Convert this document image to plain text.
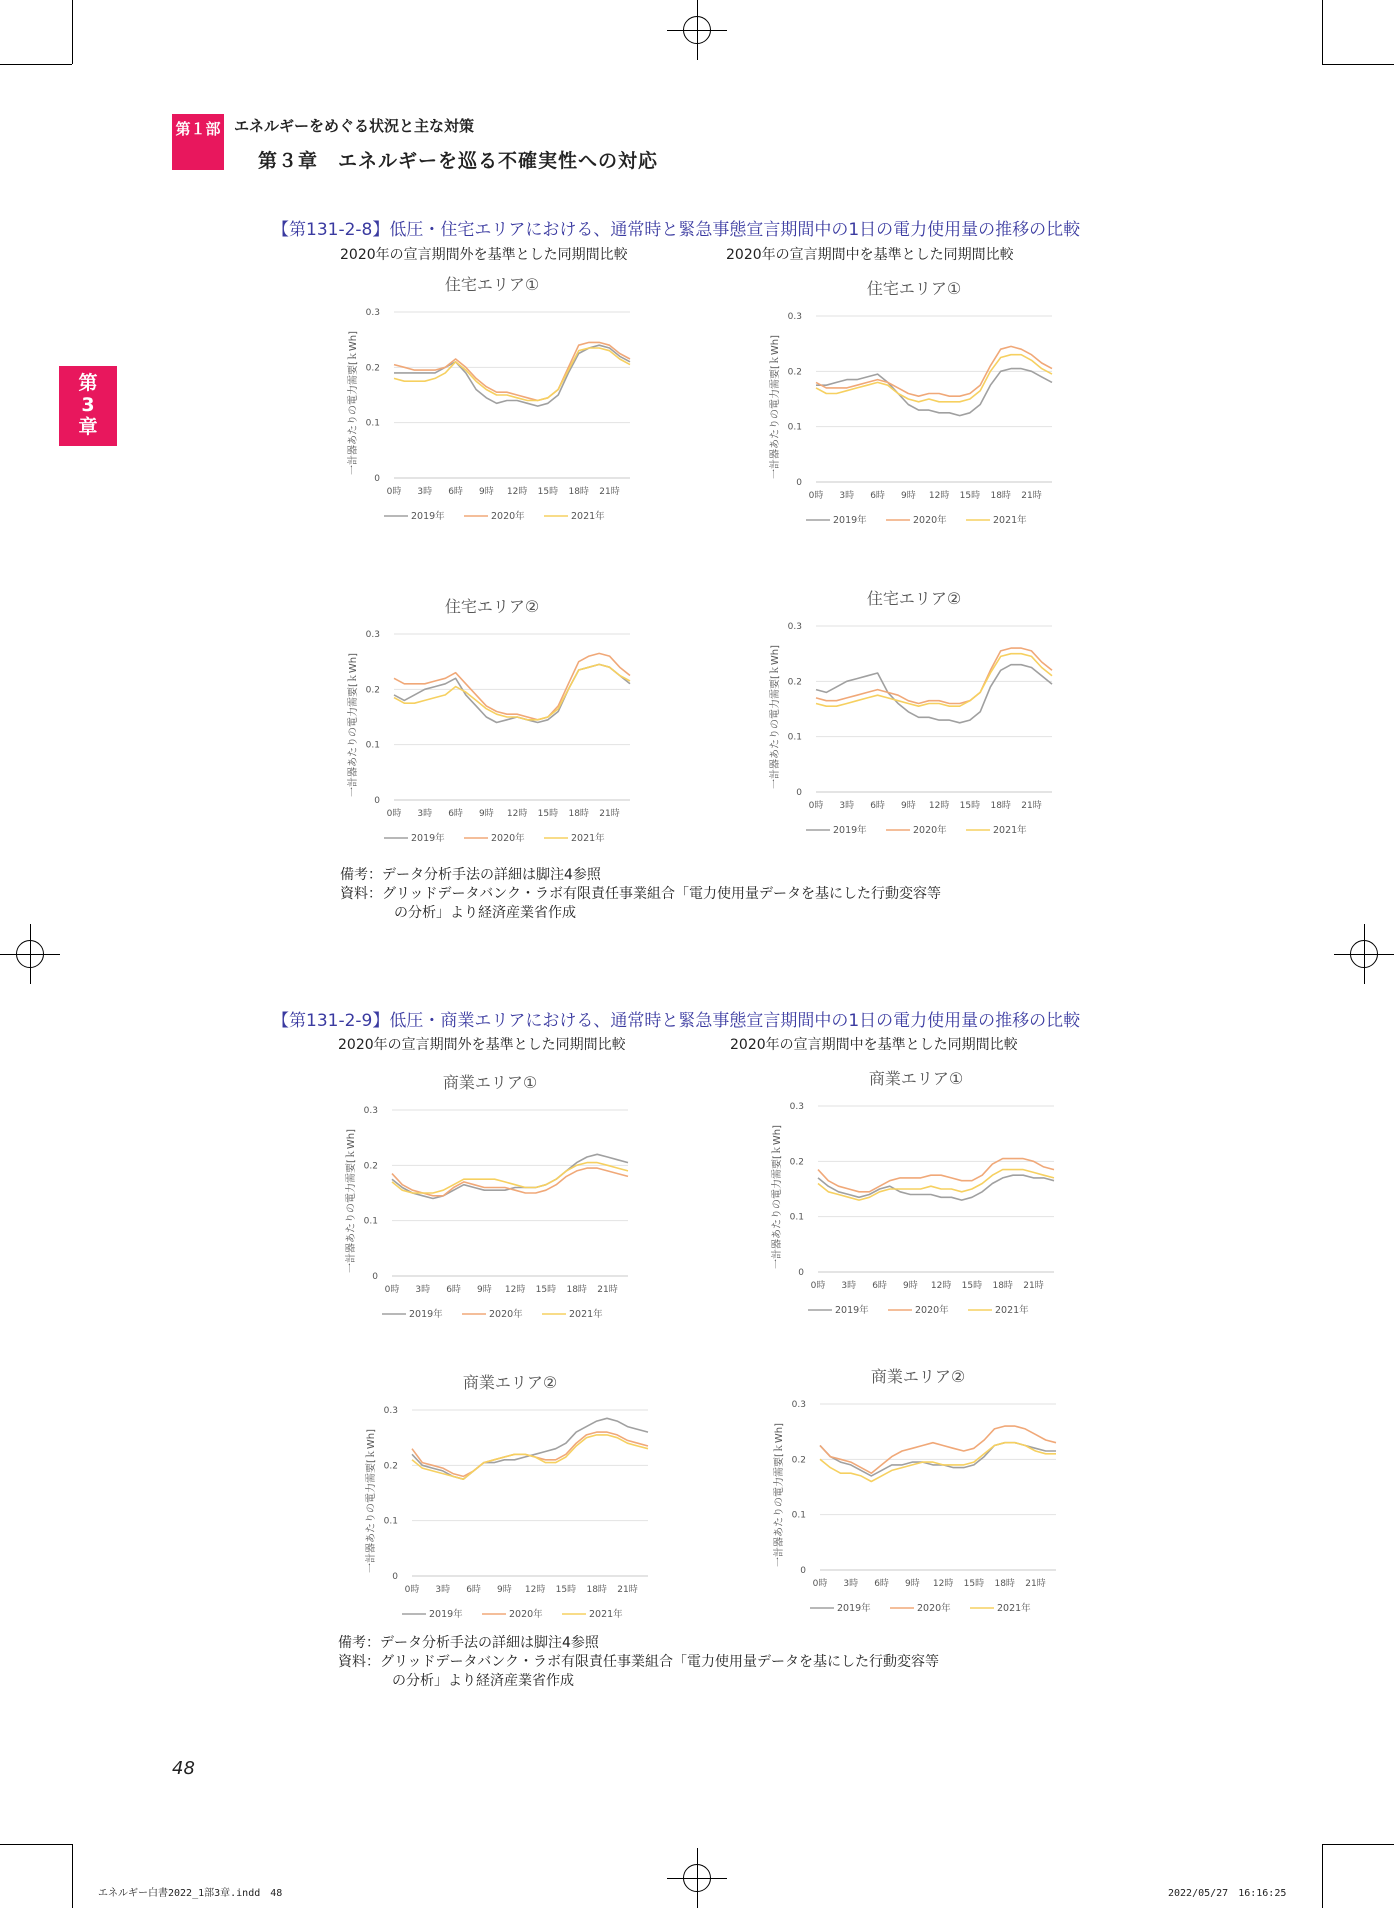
第１部 エネルギーをめぐる状況と主な対策
第３章　エネルギーを巡る不確実性への対応
第
3
章
【第131-2-8】低圧・住宅エリアにおける、通常時と緊急事態宣言期間中の1日の電力使用量の推移の比較
2020年の宣言期間外を基準とした同期間比較	2020年の宣言期間中を基準とした同期間比較
住宅エリア①
0
0.1
0.2
0.3
0時 3時 6時 9時 12時 15時 18時 21時
一計器あたりの電力需要[ｋWh]
2019年	2020年	2021年
住宅エリア①
0
0.1
0.2
0.3
0時 3時 6時 9時 12時 15時 18時 21時
一計器あたりの電力需要[ｋWh]
2019年	2020年	2021年
住宅エリア②
0
0.1
0.2
0.3
0時 3時 6時 9時 12時 15時 18時 21時
一計器あたりの電力需要[ｋWh]
2019年	2020年	2021年
住宅エリア②
0
0.1
0.2
0.3
0時 3時 6時 9時 12時 15時 18時 21時
一計器あたりの電力需要[ｋWh]
2019年	2020年	2021年
備考：データ分析手法の詳細は脚注4参照
資料：グリッドデータバンク・ラボ有限責任事業組合「電力使用量データを基にした行動変容等
の分析」より経済産業省作成
【第131-2-9】低圧・商業エリアにおける、通常時と緊急事態宣言期間中の1日の電力使用量の推移の比較
2020年の宣言期間外を基準とした同期間比較	2020年の宣言期間中を基準とした同期間比較
商業エリア①
0
0.1
0.2
0.3
0時 3時 6時 9時 12時 15時 18時 21時
一計器あたりの電力需要[ｋWh]
2019年	2020年	2021年
商業エリア①
0
0.1
0.2
0.3
0時 3時 6時 9時 12時 15時 18時 21時
一計器あたりの電力需要[ｋWh]
2019年	2020年	2021年
商業エリア②
0
0.1
0.2
0.3
0時 3時 6時 9時 12時 15時 18時 21時
一計器あたりの電力需要[ｋWh]
2019年	2020年	2021年
商業エリア②
0
0.1
0.2
0.3
0時 3時 6時 9時 12時 15時 18時 21時
一計器あたりの電力需要[ｋWh]
2019年	2020年	2021年
備考：データ分析手法の詳細は脚注4参照
資料：グリッドデータバンク・ラボ有限責任事業組合「電力使用量データを基にした行動変容等
の分析」より経済産業省作成
48
エネルギー白書2022_1部3章.indd　48	2022/05/27　16:16:25
